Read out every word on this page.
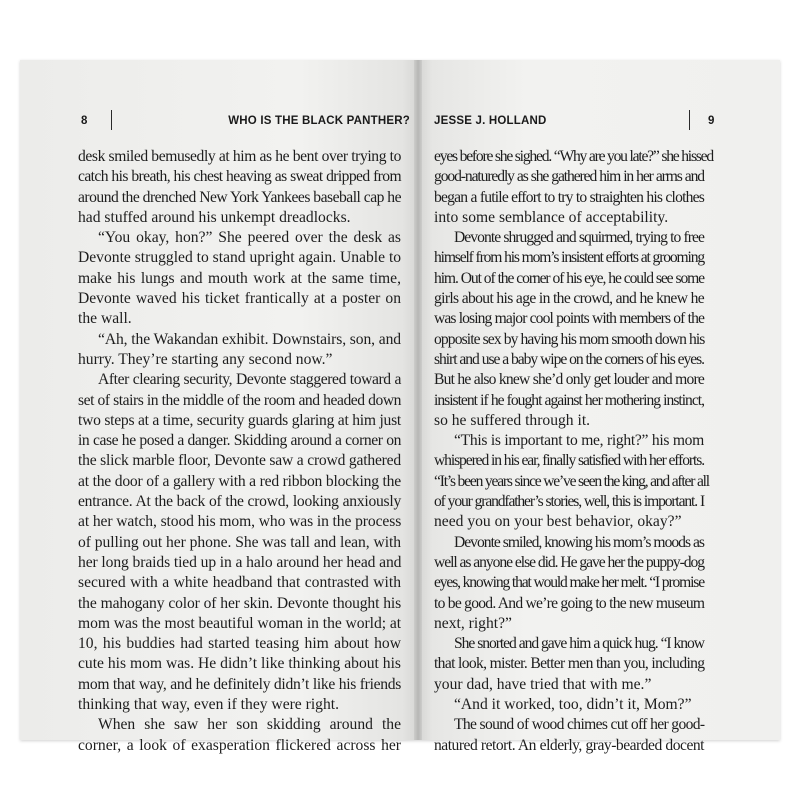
8	WHO IS THE BLACK PANTHER?
desk smiled bemusedly at him as he bent over trying to
catch his breath, his chest heaving as sweat dripped from
around the drenched New York Yankees baseball cap he
had stuffed around his unkempt dreadlocks.
“You okay, hon?” She peered over the desk as
Devonte struggled to stand upright again. Unable to
make his lungs and mouth work at the same time,
Devonte waved his ticket frantically at a poster on
the wall.
“Ah, the Wakandan exhibit. Downstairs, son, and
hurry. They’re starting any second now.”
After clearing security, Devonte staggered toward a
set of stairs in the middle of the room and headed down
two steps at a time, security guards glaring at him just
in case he posed a danger. Skidding around a corner on
the slick marble floor, Devonte saw a crowd gathered
at the door of a gallery with a red ribbon blocking the
entrance. At the back of the crowd, looking anxiously
at her watch, stood his mom, who was in the process
of pulling out her phone. She was tall and lean, with
her long braids tied up in a halo around her head and
secured with a white headband that contrasted with
the mahogany color of her skin. Devonte thought his
mom was the most beautiful woman in the world; at
10, his buddies had started teasing him about how
cute his mom was. He didn’t like thinking about his
mom that way, and he definitely didn’t like his friends
thinking that way, even if they were right.
When she saw her son skidding around the
corner, a look of exasperation flickered across her
JESSE J. HOLLAND	9
eyes before she sighed. “Why are you late?” she hissed
good-naturedly as she gathered him in her arms and
began a futile effort to try to straighten his clothes
into some semblance of acceptability.
Devonte shrugged and squirmed, trying to free
himself from his mom’s insistent efforts at grooming
him. Out of the corner of his eye, he could see some
girls about his age in the crowd, and he knew he
was losing major cool points with members of the
opposite sex by having his mom smooth down his
shirt and use a baby wipe on the corners of his eyes.
But he also knew she’d only get louder and more
insistent if he fought against her mothering instinct,
so he suffered through it.
“This is important to me, right?” his mom
whispered in his ear, finally satisfied with her efforts.
“It’s been years since we’ve seen the king, and after all
of your grandfather’s stories, well, this is important. I
need you on your best behavior, okay?”
Devonte smiled, knowing his mom’s moods as
well as anyone else did. He gave her the puppy-dog
eyes, knowing that would make her melt. “I promise
to be good. And we’re going to the new museum
next, right?”
She snorted and gave him a quick hug. “I know
that look, mister. Better men than you, including
your dad, have tried that with me.”
“And it worked, too, didn’t it, Mom?”
The sound of wood chimes cut off her good-
natured retort. An elderly, gray-bearded docent
